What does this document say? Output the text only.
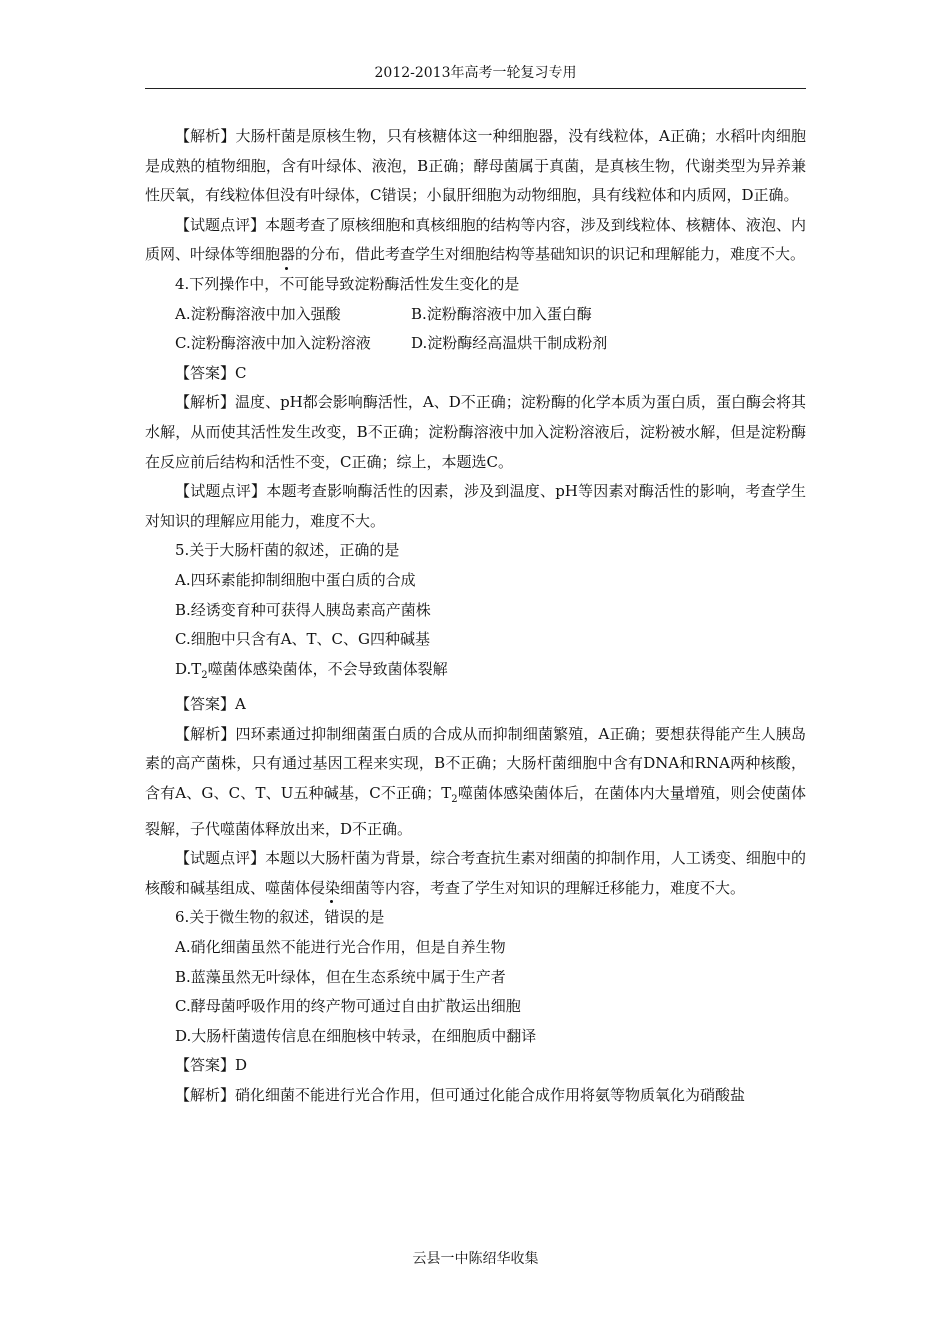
2012-2013年高考一轮复习专用

【解析】大肠杆菌是原核生物，只有核糖体这一种细胞器，没有线粒体，A正确；水稻叶肉细胞是成熟的植物细胞，含有叶绿体、液泡，B正确；酵母菌属于真菌，是真核生物，代谢类型为异养兼性厌氧，有线粒体但没有叶绿体，C错误；小鼠肝细胞为动物细胞，具有线粒体和内质网，D正确。

【试题点评】本题考查了原核细胞和真核细胞的结构等内容，涉及到线粒体、核糖体、液泡、内质网、叶绿体等细胞器的分布，借此考查学生对细胞结构等基础知识的识记和理解能力，难度不大。

4.下列操作中，不可能导致淀粉酶活性发生变化的是

A.淀粉酶溶液中加入强酸	B.淀粉酶溶液中加入蛋白酶
C.淀粉酶溶液中加入淀粉溶液	D.淀粉酶经高温烘干制成粉剂

【答案】C

【解析】温度、pH都会影响酶活性，A、D不正确；淀粉酶的化学本质为蛋白质，蛋白酶会将其水解，从而使其活性发生改变，B不正确；淀粉酶溶液中加入淀粉溶液后，淀粉被水解，但是淀粉酶在反应前后结构和活性不变，C正确；综上，本题选C。

【试题点评】本题考查影响酶活性的因素，涉及到温度、pH等因素对酶活性的影响，考查学生对知识的理解应用能力，难度不大。

5.关于大肠杆菌的叙述，正确的是

A.四环素能抑制细胞中蛋白质的合成

B.经诱变育种可获得人胰岛素高产菌株

C.细胞中只含有A、T、C、G四种碱基

$D.T_2$噬菌体感染菌体，不会导致菌体裂解

【答案】A

【解析】四环素通过抑制细菌蛋白质的合成从而抑制细菌繁殖，A正确；要想获得能产生人胰岛素的高产菌株，只有通过基因工程来实现，B不正确；大肠杆菌细胞中含有DNA和RNA两种核酸，含有A、G、C、T、U五种碱基，C不正确；$T_2$噬菌体感染菌体后，在菌体内大量增殖，则会使菌体裂解，子代噬菌体释放出来，D不正确。

【试题点评】本题以大肠杆菌为背景，综合考查抗生素对细菌的抑制作用，人工诱变、细胞中的核酸和碱基组成、噬菌体侵染细菌等内容，考查了学生对知识的理解迁移能力，难度不大。

6.关于微生物的叙述，错误的是

A.硝化细菌虽然不能进行光合作用，但是自养生物

B.蓝藻虽然无叶绿体，但在生态系统中属于生产者

C.酵母菌呼吸作用的终产物可通过自由扩散运出细胞

D.大肠杆菌遗传信息在细胞核中转录，在细胞质中翻译

【答案】D

【解析】硝化细菌不能进行光合作用，但可通过化能合成作用将氨等物质氧化为硝酸盐

云县一中陈绍华收集
